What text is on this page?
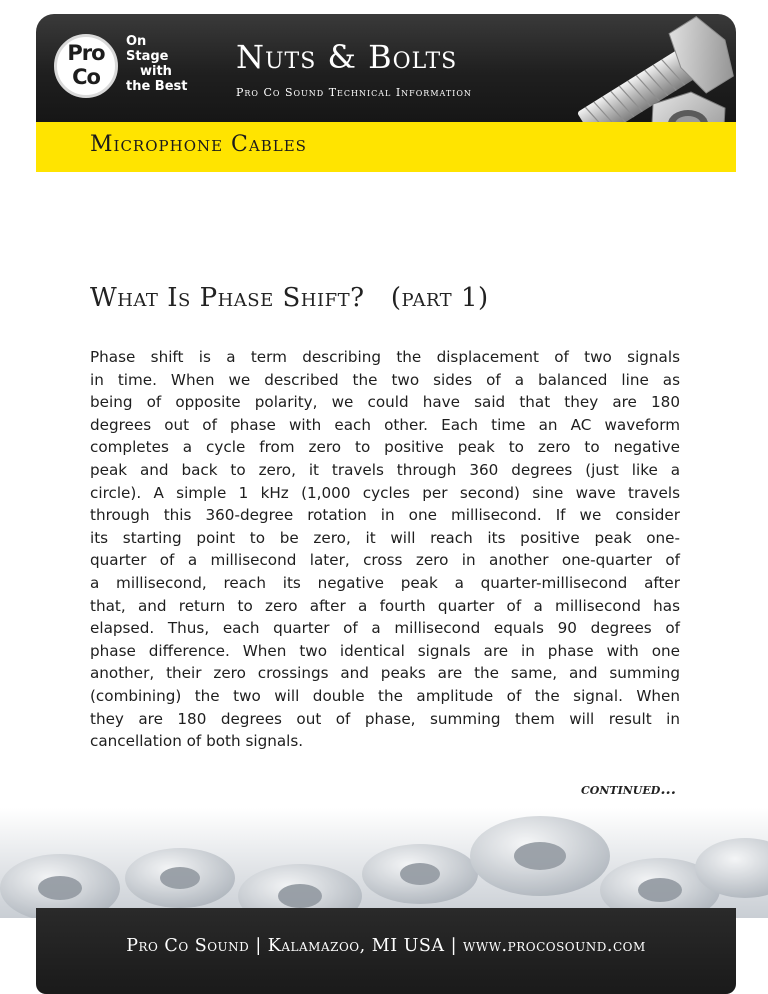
Pro
Co
On
Stage
with
the Best
Nuts & Bolts
Pro Co Sound Technical Information
Microphone Cables
What Is Phase Shift?   (part 1)
Phase shift is a term describing the displacement of two signals
in time. When we described the two sides of a balanced line as
being of opposite polarity, we could have said that they are 180
degrees out of phase with each other. Each time an AC waveform
completes a cycle from zero to positive peak to zero to negative
peak and back to zero, it travels through 360 degrees (just like a
circle). A simple 1 kHz (1,000 cycles per second) sine wave travels
through this 360-degree rotation in one millisecond. If we consider
its starting point to be zero, it will reach its positive peak one-
quarter of a millisecond later, cross zero in another one-quarter of
a millisecond, reach its negative peak a quarter-millisecond after
that, and return to zero after a fourth quarter of a millisecond has
elapsed. Thus, each quarter of a millisecond equals 90 degrees of
phase difference. When two identical signals are in phase with one
another, their zero crossings and peaks are the same, and summing
(combining) the two will double the amplitude of the signal. When
they are 180 degrees out of phase, summing them will result in
cancellation of both signals.
continued...
Pro Co Sound | Kalamazoo, MI USA | www.procosound.com
